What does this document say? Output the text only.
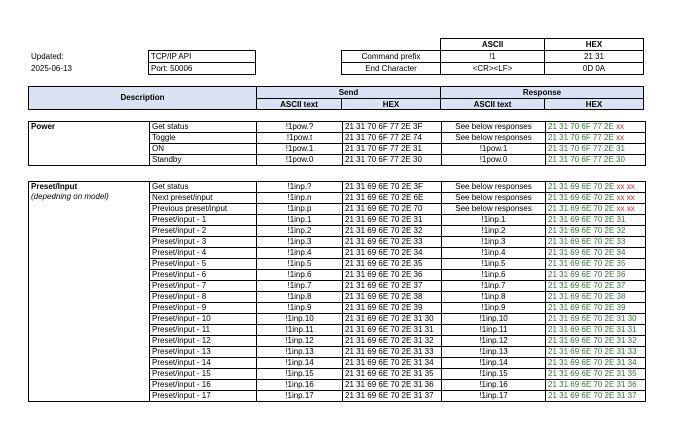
Updated:
2025-06-13
TCP/IP API
Port: 50006
ASCII	HEX
Command prefix	!1	21 31
End Character	<CR><LF>	0D 0A
Description
Send	Response
ASCII text	HEX	ASCII text	HEX
Power	Get status	!1pow.?	21 31 70 6F 77 2E 3F	See below responses	21 31 70 6F 77 2E xx
	Toggle	!1pow.t	21 31 70 6F 77 2E 74	See below responses	21 31 70 6F 77 2E xx
	ON	!1pow.1	21 31 70 6F 77 2E 31	!1pow.1	21 31 70 6F 77 2E 31
	Standby	!1pow.0	21 31 70 6F 77 2E 30	!1pow.0	21 31 70 6F 77 2E 30
Preset/Input
(depedning on model)	Get status	!1inp.?	21 31 69 6E 70 2E 3F	See below responses	21 31 69 6E 70 2E xx xx
	Next preset/input	!1inp.n	21 31 69 6E 70 2E 6E	See below responses	21 31 69 6E 70 2E xx xx
	Previous preset/input	!1inp.p	21 31 69 6E 70 2E 70	See below responses	21 31 69 6E 70 2E xx xx
	Preset/input - 1	!1inp.1	21 31 69 6E 70 2E 31	!1inp.1	21 31 69 6E 70 2E 31
	Preset/input - 2	!1inp.2	21 31 69 6E 70 2E 32	!1inp.2	21 31 69 6E 70 2E 32
	Preset/input - 3	!1inp.3	21 31 69 6E 70 2E 33	!1inp.3	21 31 69 6E 70 2E 33
	Preset/input - 4	!1inp.4	21 31 69 6E 70 2E 34	!1inp.4	21 31 69 6E 70 2E 34
	Preset/input - 5	!1inp.5	21 31 69 6E 70 2E 35	!1inp.5	21 31 69 6E 70 2E 35
	Preset/input - 6	!1inp.6	21 31 69 6E 70 2E 36	!1inp.6	21 31 69 6E 70 2E 36
	Preset/input - 7	!1inp.7	21 31 69 6E 70 2E 37	!1inp.7	21 31 69 6E 70 2E 37
	Preset/input - 8	!1inp.8	21 31 69 6E 70 2E 38	!1inp.8	21 31 69 6E 70 2E 38
	Preset/input - 9	!1inp.9	21 31 69 6E 70 2E 39	!1inp.9	21 31 69 6E 70 2E 39
	Preset/input - 10	!1inp.10	21 31 69 6E 70 2E 31 30	!1inp.10	21 31 69 6E 70 2E 31 30
	Preset/input - 11	!1inp.11	21 31 69 6E 70 2E 31 31	!1inp.11	21 31 69 6E 70 2E 31 31
	Preset/input - 12	!1inp.12	21 31 69 6E 70 2E 31 32	!1inp.12	21 31 69 6E 70 2E 31 32
	Preset/input - 13	!1inp.13	21 31 69 6E 70 2E 31 33	!1inp.13	21 31 69 6E 70 2E 31 33
	Preset/input - 14	!1inp.14	21 31 69 6E 70 2E 31 34	!1inp.14	21 31 69 6E 70 2E 31 34
	Preset/input - 15	!1inp.15	21 31 69 6E 70 2E 31 35	!1inp.15	21 31 69 6E 70 2E 31 35
	Preset/input - 16	!1inp.16	21 31 69 6E 70 2E 31 36	!1inp.16	21 31 69 6E 70 2E 31 36
	Preset/input - 17	!1inp.17	21 31 69 6E 70 2E 31 37	!1inp.17	21 31 69 6E 70 2E 31 37
